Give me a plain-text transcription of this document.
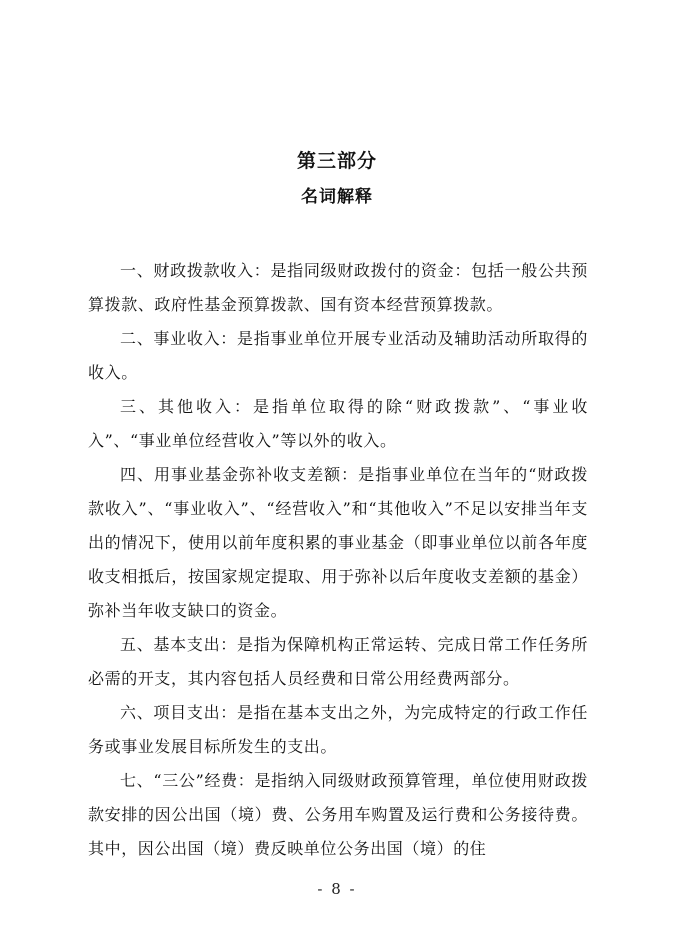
第三部分
名词解释

一、财政拨款收入：是指同级财政拨付的资金：包括一般公共预算拨款、政府性基金预算拨款、国有资本经营预算拨款。

二、事业收入：是指事业单位开展专业活动及辅助活动所取得的收入。

三、其他收入：是指单位取得的除“财政拨款”、“事业收入”、“事业单位经营收入”等以外的收入。

四、用事业基金弥补收支差额：是指事业单位在当年的“财政拨款收入”、“事业收入”、“经营收入”和“其他收入”不足以安排当年支出的情况下，使用以前年度积累的事业基金（即事业单位以前各年度收支相抵后，按国家规定提取、用于弥补以后年度收支差额的基金）弥补当年收支缺口的资金。

五、基本支出：是指为保障机构正常运转、完成日常工作任务所必需的开支，其内容包括人员经费和日常公用经费两部分。

六、项目支出：是指在基本支出之外，为完成特定的行政工作任务或事业发展目标所发生的支出。

七、“三公”经费：是指纳入同级财政预算管理，单位使用财政拨款安排的因公出国（境）费、公务用车购置及运行费和公务接待费。其中，因公出国（境）费反映单位公务出国（境）的住

- 8 -
